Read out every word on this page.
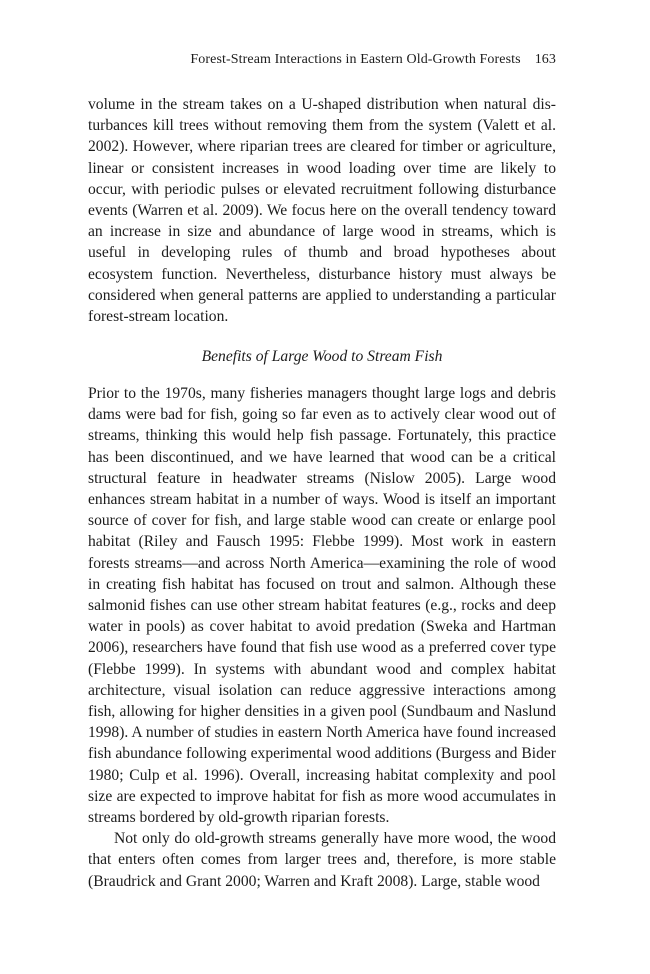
Forest-Stream Interactions in Eastern Old-Growth Forests 163

volume in the stream takes on a U-shaped distribution when natural disturbances kill trees without removing them from the system (Valett et al. 2002). However, where riparian trees are cleared for timber or agriculture, linear or consistent increases in wood loading over time are likely to occur, with periodic pulses or elevated recruitment following disturbance events (Warren et al. 2009). We focus here on the overall tendency toward an increase in size and abundance of large wood in streams, which is useful in developing rules of thumb and broad hypotheses about ecosystem function. Nevertheless, disturbance history must always be considered when general patterns are applied to understanding a particular forest-stream location.

Benefits of Large Wood to Stream Fish

Prior to the 1970s, many fisheries managers thought large logs and debris dams were bad for fish, going so far even as to actively clear wood out of streams, thinking this would help fish passage. Fortunately, this practice has been discontinued, and we have learned that wood can be a critical structural feature in headwater streams (Nislow 2005). Large wood enhances stream habitat in a number of ways. Wood is itself an important source of cover for fish, and large stable wood can create or enlarge pool habitat (Riley and Fausch 1995: Flebbe 1999). Most work in eastern forests streams—and across North America—examining the role of wood in creating fish habitat has focused on trout and salmon. Although these salmonid fishes can use other stream habitat features (e.g., rocks and deep water in pools) as cover habitat to avoid predation (Sweka and Hartman 2006), researchers have found that fish use wood as a preferred cover type (Flebbe 1999). In systems with abundant wood and complex habitat architecture, visual isolation can reduce aggressive interactions among fish, allowing for higher densities in a given pool (Sundbaum and Naslund 1998). A number of studies in eastern North America have found increased fish abundance following experimental wood additions (Burgess and Bider 1980; Culp et al. 1996). Overall, increasing habitat complexity and pool size are expected to improve habitat for fish as more wood accumulates in streams bordered by old-growth riparian forests.

Not only do old-growth streams generally have more wood, the wood that enters often comes from larger trees and, therefore, is more stable (Braudrick and Grant 2000; Warren and Kraft 2008). Large, stable wood
